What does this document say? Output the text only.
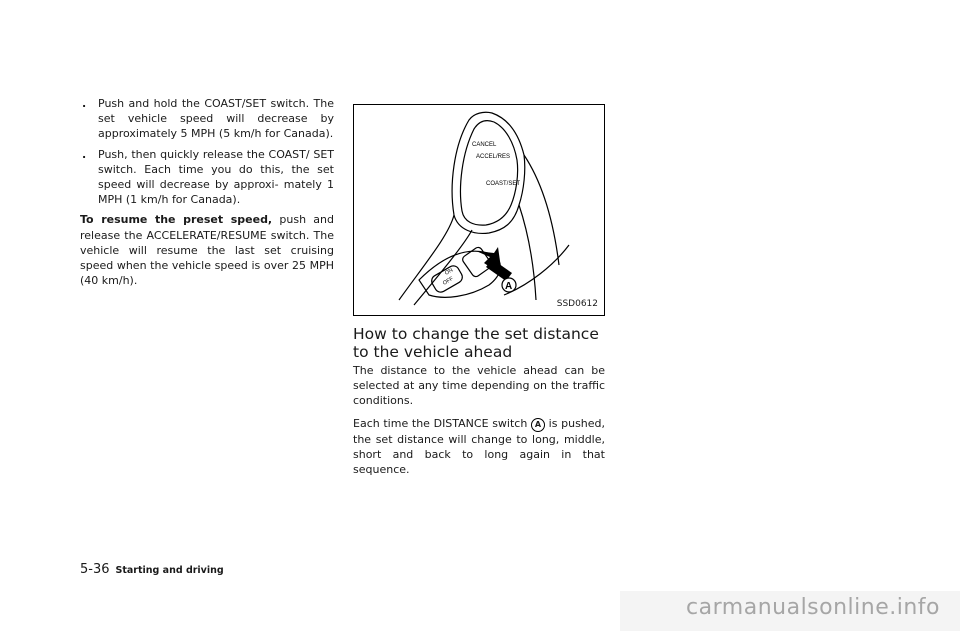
. Push and hold the COAST/SET switch. The set vehicle speed will decrease by approximately 5 MPH (5 km/h for Canada).

. Push, then quickly release the COAST/ SET switch. Each time you do this, the set speed will decrease by approxi- mately 1 MPH (1 km/h for Canada).

To resume the preset speed, push and release the ACCELERATE/RESUME switch. The vehicle will resume the last set cruising speed when the vehicle speed is over 25 MPH (40 km/h).

CANCEL
ACCEL/RES
COAST/SET
ON
OFF	A
SSD0612
How to change the set distance to the vehicle ahead

The distance to the vehicle ahead can be selected at any time depending on the traffic conditions.

Each time the DISTANCE switch A is pushed, the set distance will change to long, middle, short and back to long again in that sequence.

5-36 Starting and driving
carmanualsonline.info
